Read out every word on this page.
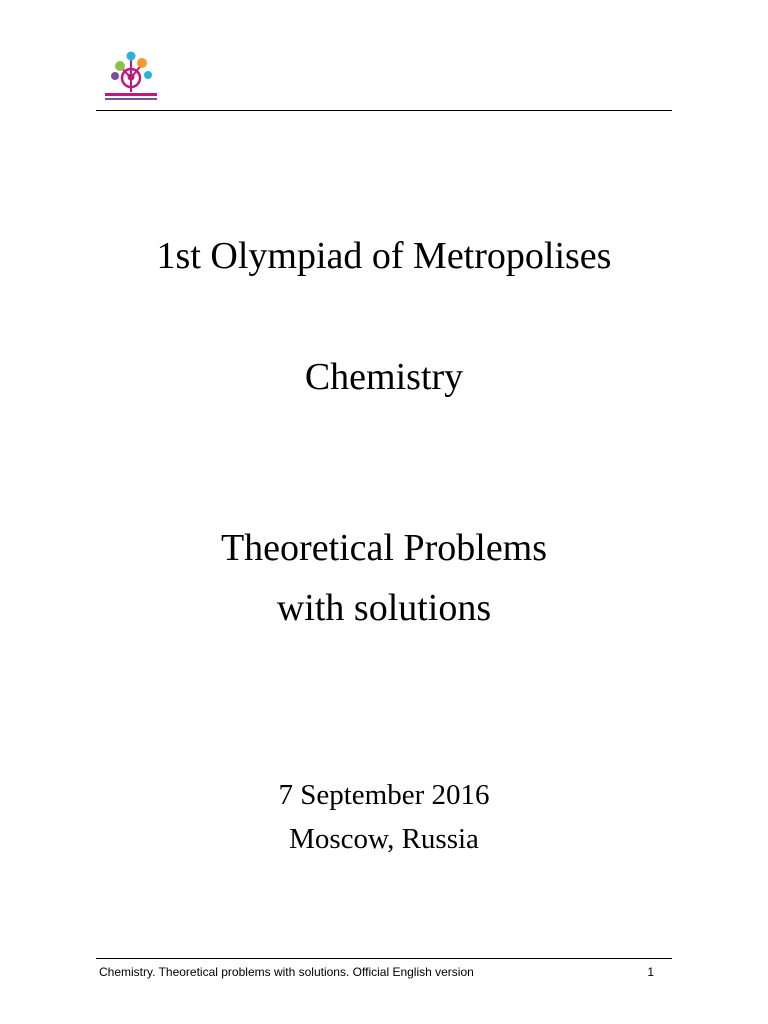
1st Olympiad of Metropolises
Chemistry
Theoretical Problems
with solutions
7 September 2016
Moscow, Russia
Chemistry. Theoretical problems with solutions. Official English version	1
